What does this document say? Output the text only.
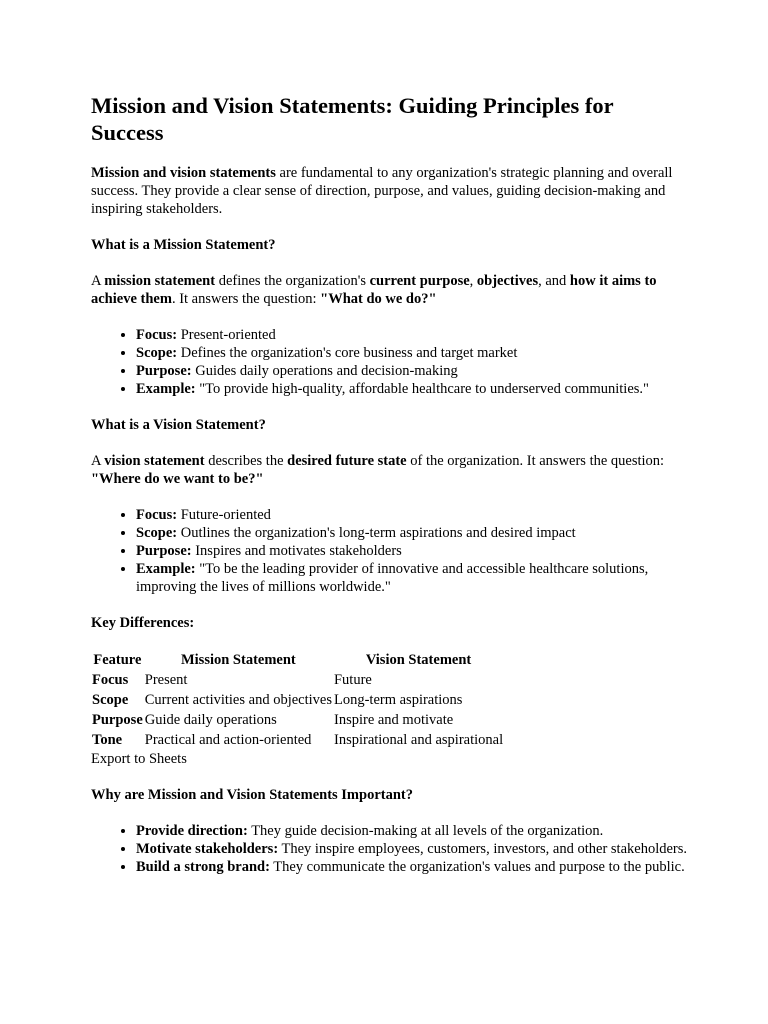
Mission and Vision Statements: Guiding Principles for Success

Mission and vision statements are fundamental to any organization's strategic planning and overall success. They provide a clear sense of direction, purpose, and values, guiding decision-making and inspiring stakeholders.

What is a Mission Statement?

A mission statement defines the organization's current purpose, objectives, and how it aims to achieve them. It answers the question: "What do we do?"

• Focus: Present-oriented
• Scope: Defines the organization's core business and target market
• Purpose: Guides daily operations and decision-making
• Example: "To provide high-quality, affordable healthcare to underserved communities."
What is a Vision Statement?

A vision statement describes the desired future state of the organization. It answers the question: "Where do we want to be?"

• Focus: Future-oriented
• Scope: Outlines the organization's long-term aspirations and desired impact
• Purpose: Inspires and motivates stakeholders
• Example: "To be the leading provider of innovative and accessible healthcare solutions, improving the lives of millions worldwide."
Key Differences:
Feature	Mission Statement	Vision Statement
Focus	Present	Future
Scope	Current activities and objectives	Long-term aspirations
Purpose	Guide daily operations	Inspire and motivate
Tone	Practical and action-oriented	Inspirational and aspirational
Export to Sheets
Why are Mission and Vision Statements Important?
• Provide direction: They guide decision-making at all levels of the organization.
• Motivate stakeholders: They inspire employees, customers, investors, and other stakeholders.
• Build a strong brand: They communicate the organization's values and purpose to the public.
